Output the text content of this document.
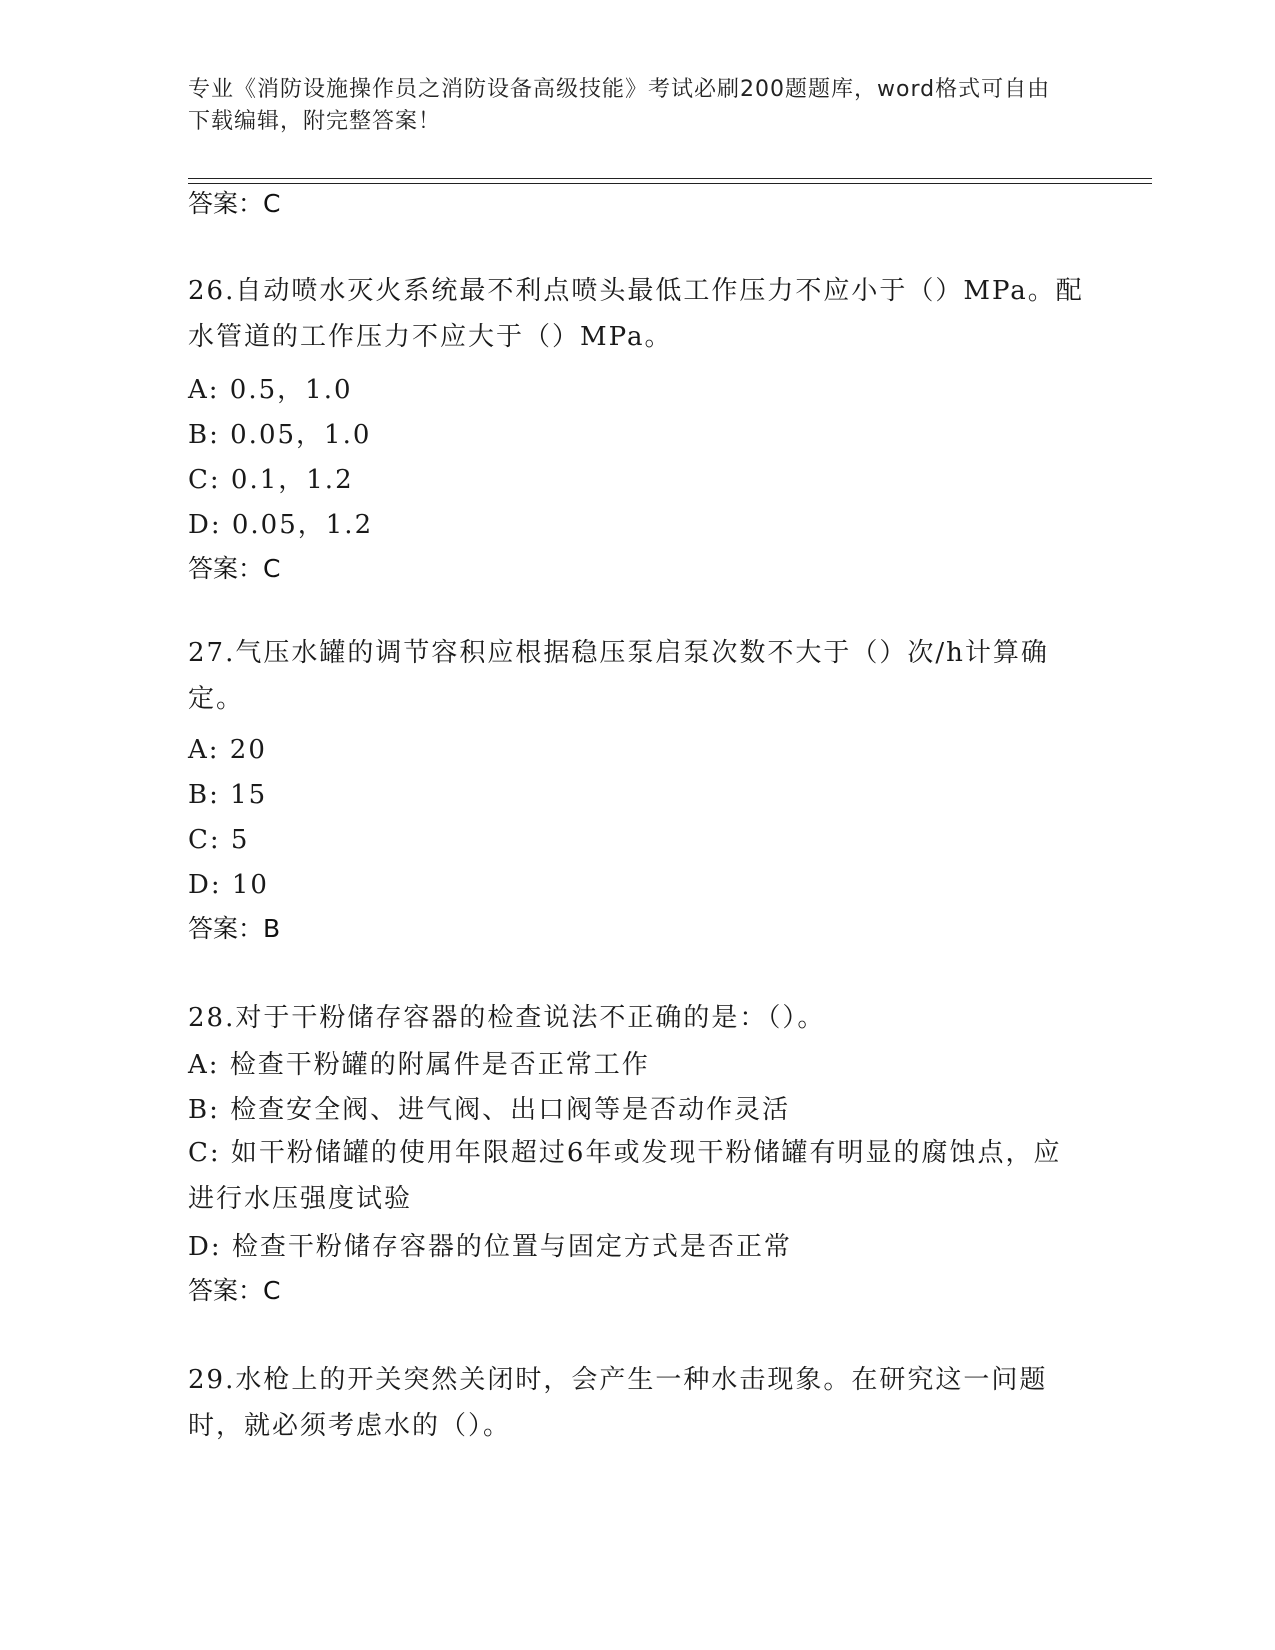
专业《消防设施操作员之消防设备高级技能》考试必刷200题题库，word格式可自由下载编辑，附完整答案！
答案：C
26.自动喷水灭火系统最不利点喷头最低工作压力不应小于（）MPa。配水管道的工作压力不应大于（）MPa。
A: 0.5，1.0
B: 0.05，1.0
C: 0.1，1.2
D: 0.05，1.2
答案：C
27.气压水罐的调节容积应根据稳压泵启泵次数不大于（）次/h计算确定。
A: 20
B: 15
C: 5
D: 10
答案：B
28.对于干粉储存容器的检查说法不正确的是：（）。
A: 检查干粉罐的附属件是否正常工作
B: 检查安全阀、进气阀、出口阀等是否动作灵活
C: 如干粉储罐的使用年限超过6年或发现干粉储罐有明显的腐蚀点，应进行水压强度试验
D: 检查干粉储存容器的位置与固定方式是否正常
答案：C
29.水枪上的开关突然关闭时，会产生一种水击现象。在研究这一问题时，就必须考虑水的（）。
